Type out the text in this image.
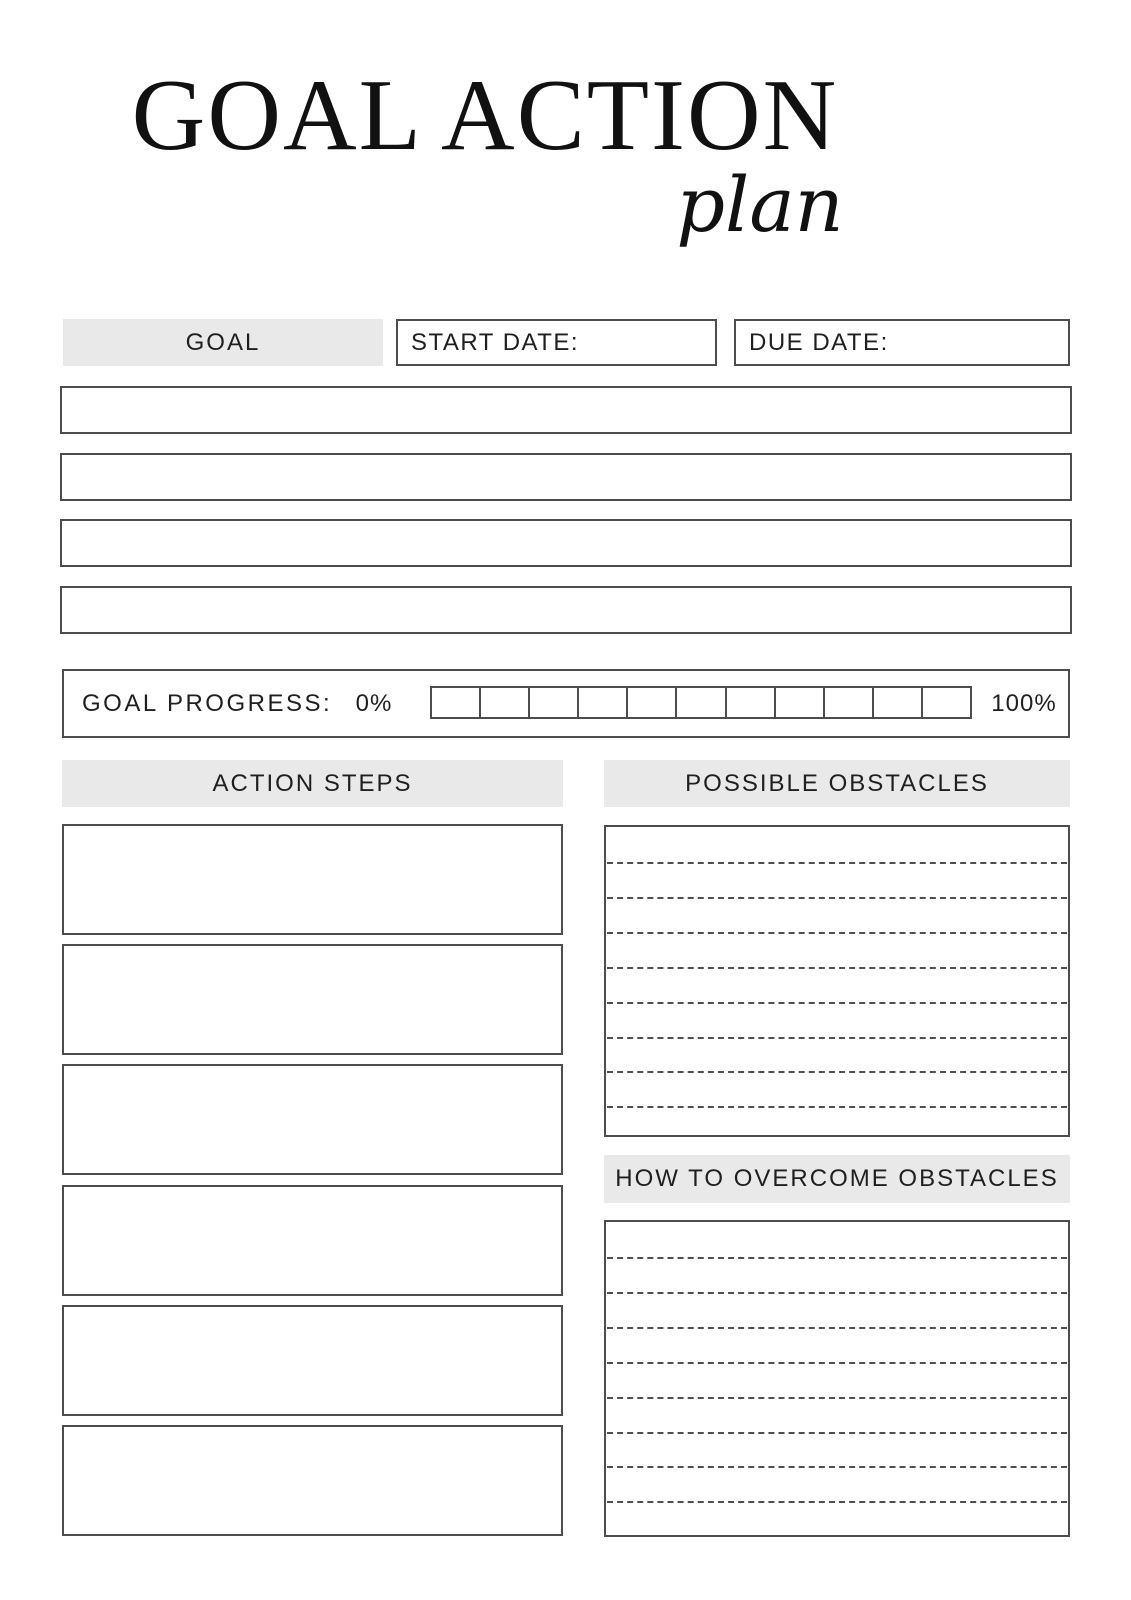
GOAL ACTION
plan
GOAL	START DATE:	DUE DATE:
GOAL PROGRESS: 0%	100%
ACTION STEPS	POSSIBLE OBSTACLES
HOW TO OVERCOME OBSTACLES
